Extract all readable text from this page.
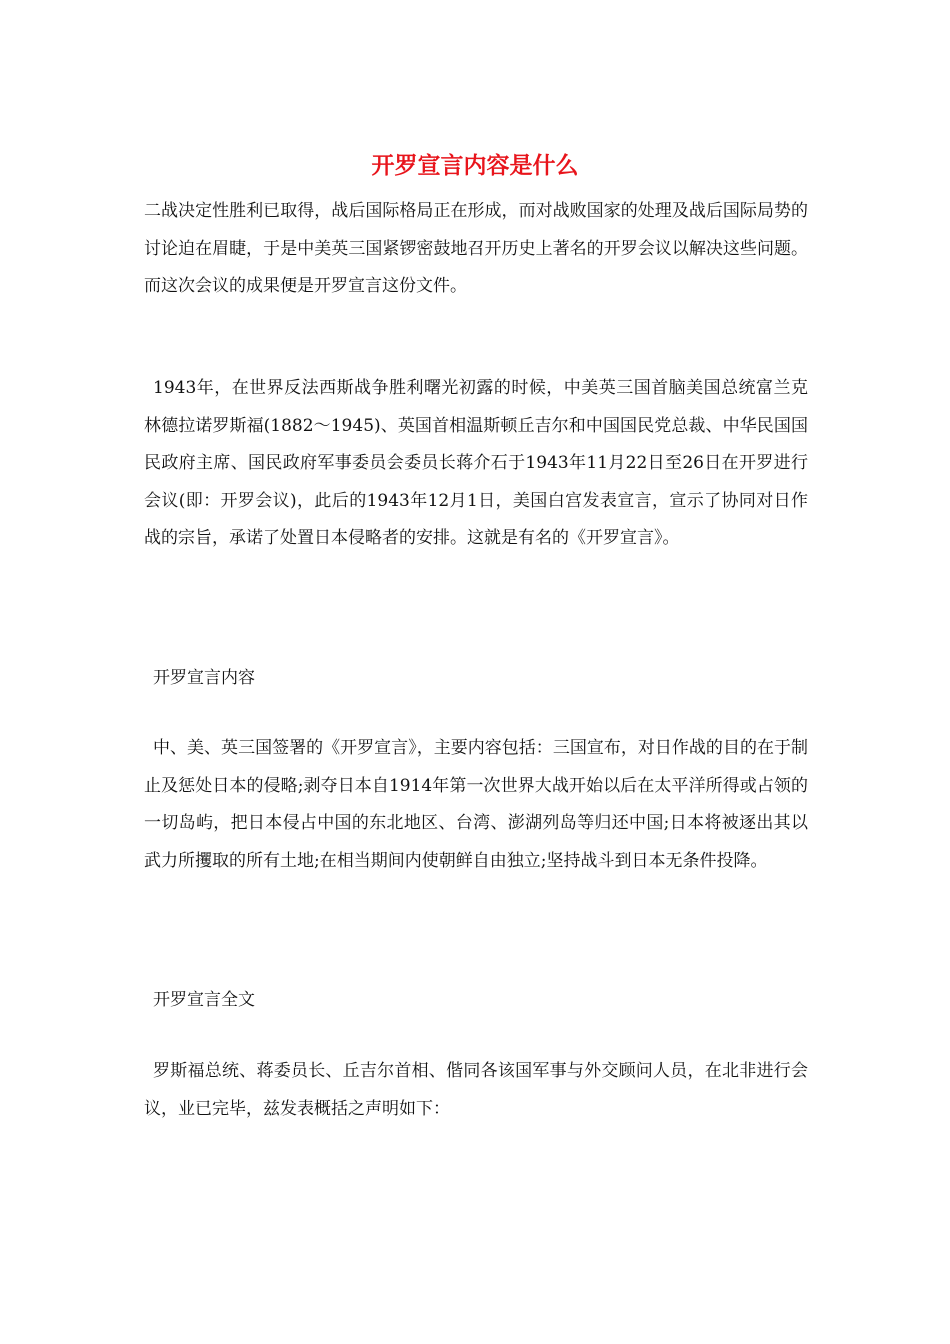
开罗宣言内容是什么

二战决定性胜利已取得，战后国际格局正在形成，而对战败国家的处理及战后国际局势的讨论迫在眉睫，于是中美英三国紧锣密鼓地召开历史上著名的开罗会议以解决这些问题。而这次会议的成果便是开罗宣言这份文件。

1943年，在世界反法西斯战争胜利曙光初露的时候，中美英三国首脑美国总统富兰克林德拉诺罗斯福(1882～1945)、英国首相温斯顿丘吉尔和中国国民党总裁、中华民国国民政府主席、国民政府军事委员会委员长蒋介石于1943年11月22日至26日在开罗进行会议(即：开罗会议)，此后的1943年12月1日，美国白宫发表宣言，宣示了协同对日作战的宗旨，承诺了处置日本侵略者的安排。这就是有名的《开罗宣言》。

开罗宣言内容

中、美、英三国签署的《开罗宣言》，主要内容包括：三国宣布，对日作战的目的在于制止及惩处日本的侵略;剥夺日本自1914年第一次世界大战开始以后在太平洋所得或占领的一切岛屿，把日本侵占中国的东北地区、台湾、澎湖列岛等归还中国;日本将被逐出其以武力所攫取的所有土地;在相当期间内使朝鲜自由独立;坚持战斗到日本无条件投降。

开罗宣言全文

罗斯福总统、蒋委员长、丘吉尔首相、偕同各该国军事与外交顾问人员，在北非进行会议，业已完毕，兹发表概括之声明如下：
